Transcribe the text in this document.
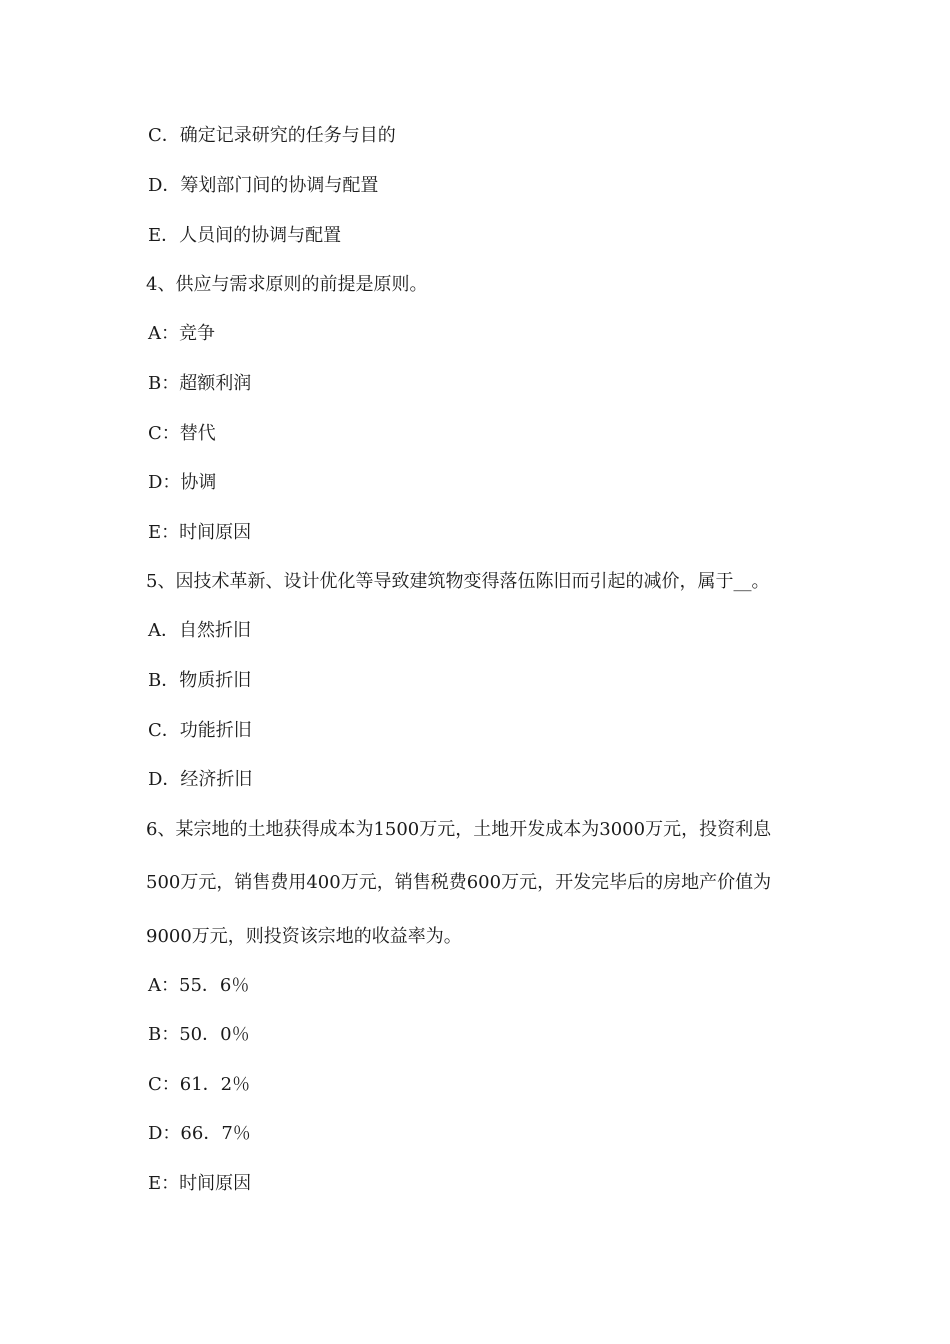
C．确定记录研究的任务与目的
D．筹划部门间的协调与配置
E．人员间的协调与配置
4、供应与需求原则的前提是原则。
A：竞争
B：超额利润
C：替代
D：协调
E：时间原因
5、因技术革新、设计优化等导致建筑物变得落伍陈旧而引起的减价，属于__。
A．自然折旧
B．物质折旧
C．功能折旧
D．经济折旧
6、某宗地的土地获得成本为1500万元，土地开发成本为3000万元，投资利息
500万元，销售费用400万元，销售税费600万元，开发完毕后的房地产价值为
9000万元，则投资该宗地的收益率为。
A：55．6％
B：50．0％
C：61．2％
D：66．7％
E：时间原因
